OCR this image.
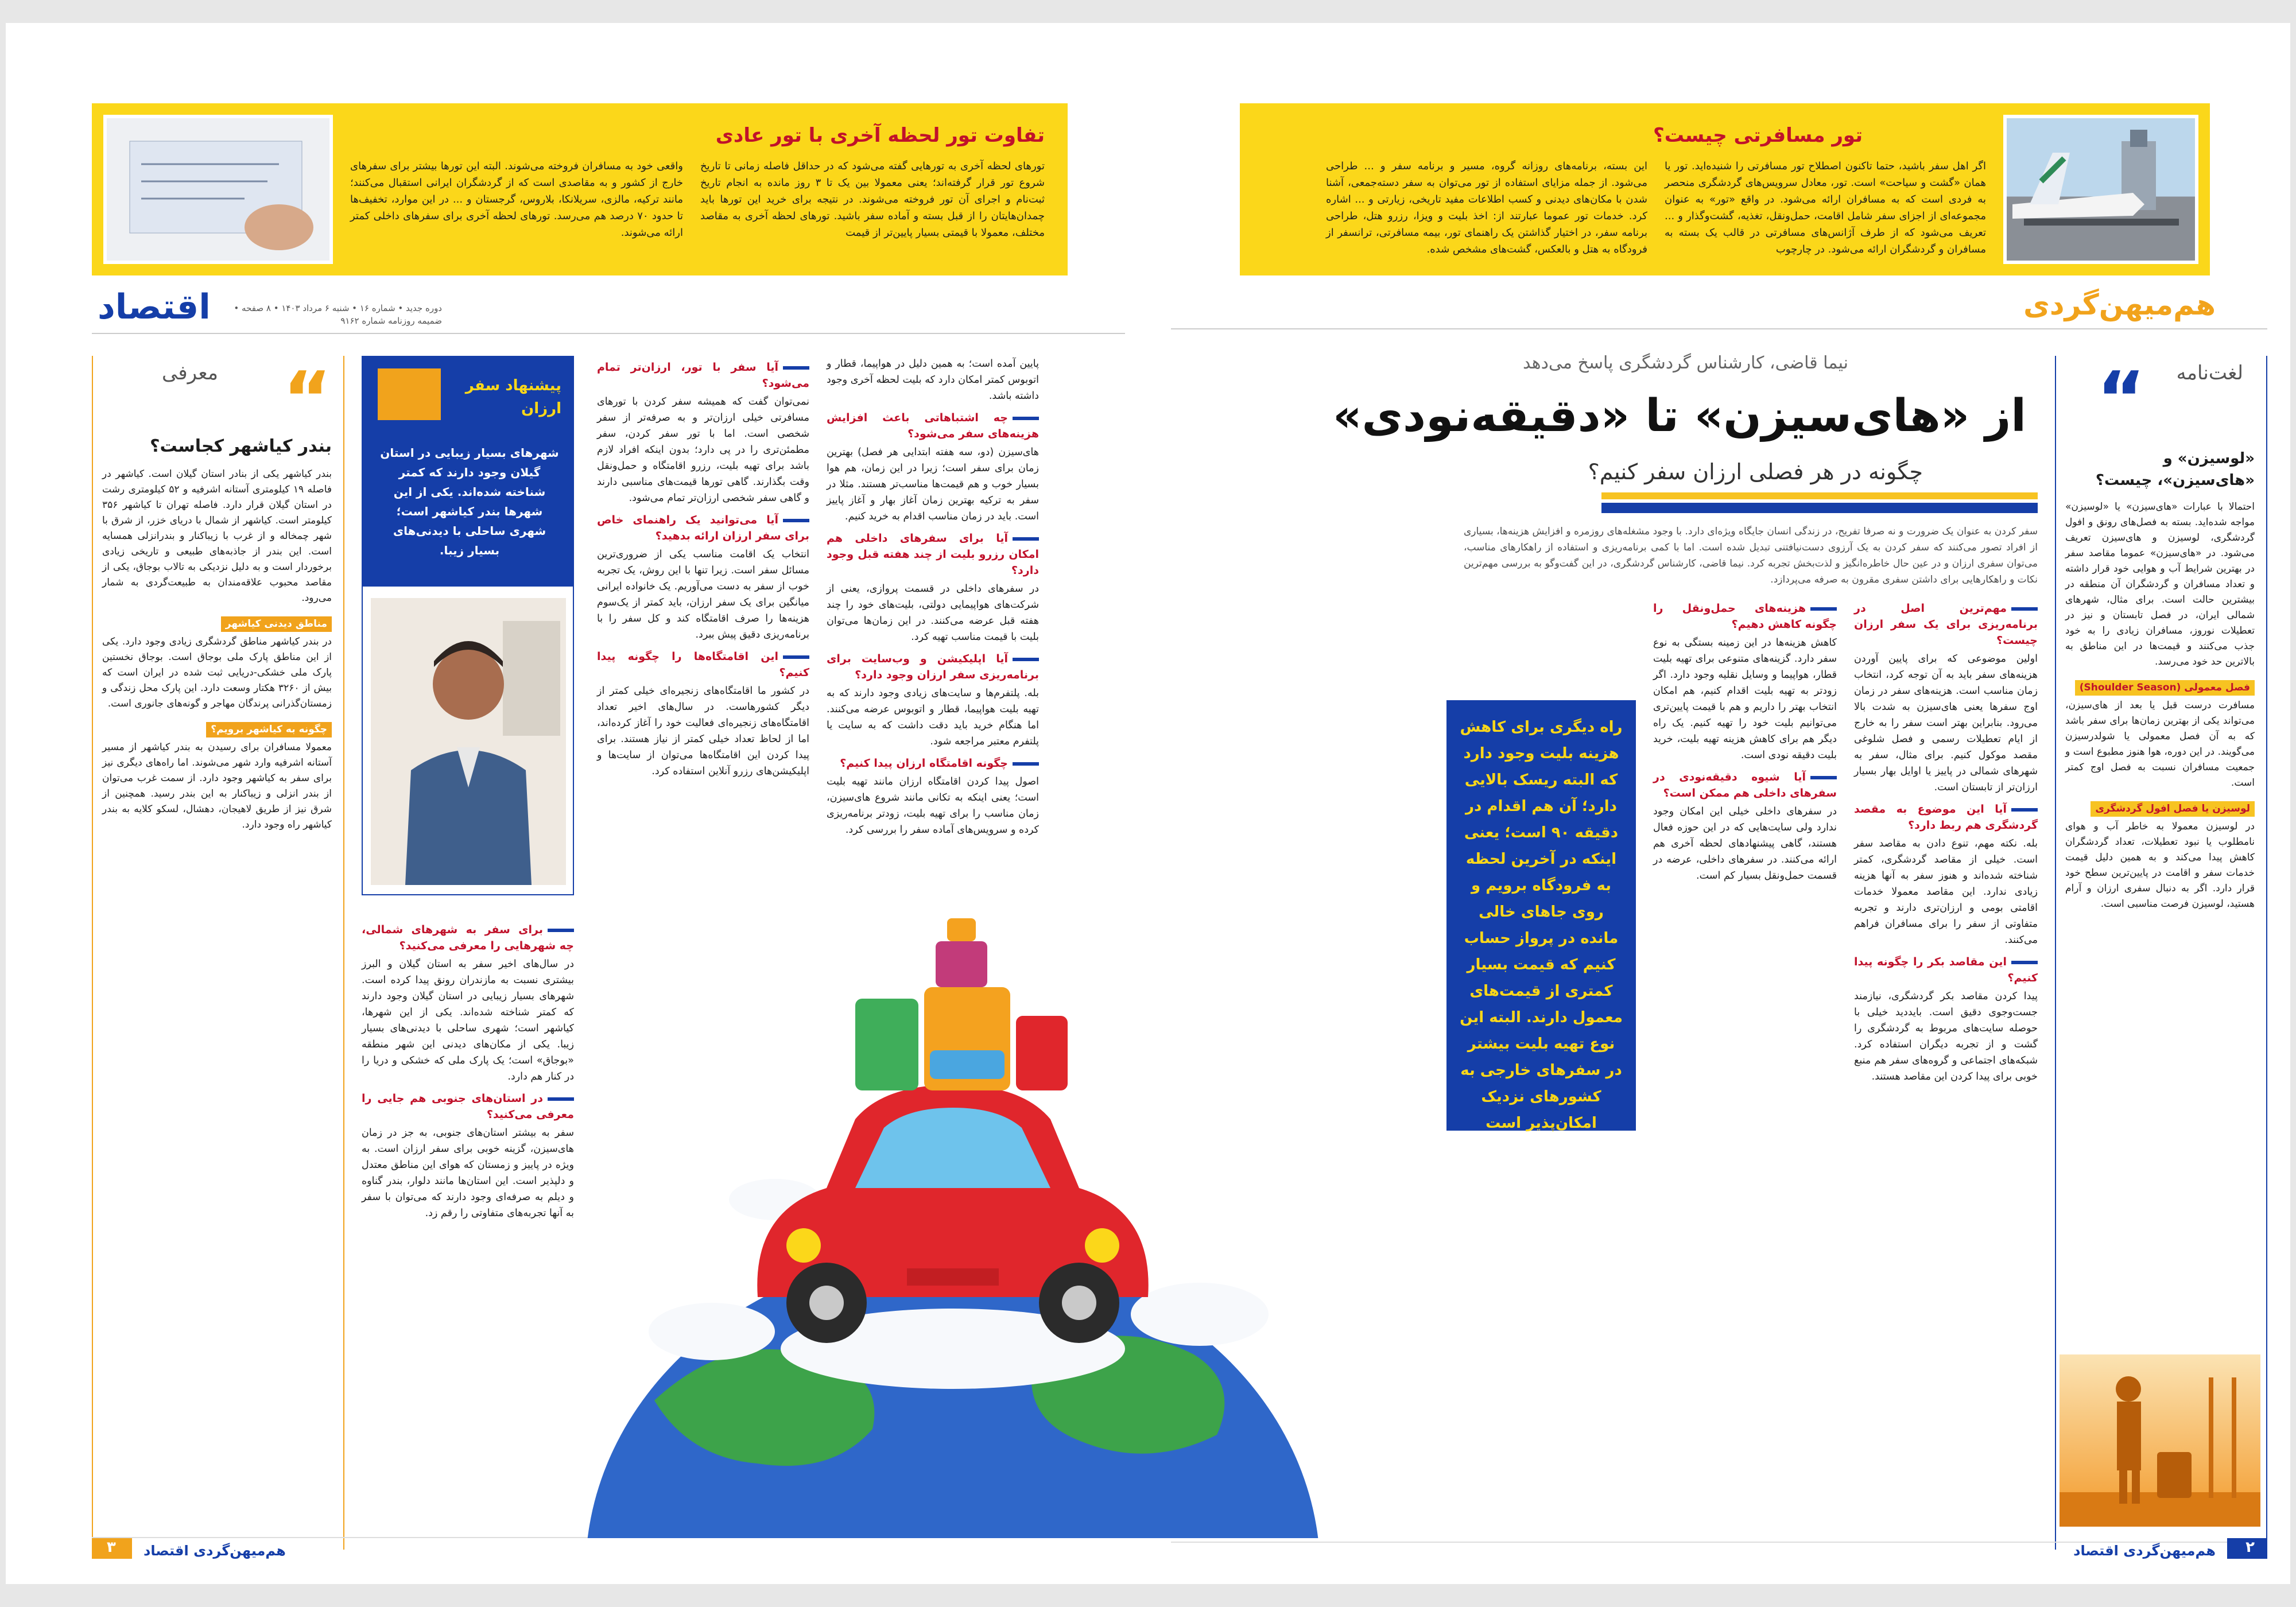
تور مسافرتی چیست؟

اگر اهل سفر باشید، حتما تاکنون اصطلاح تور مسافرتی را شنیده‌اید. تور یا همان «گشت و سیاحت» است. تور، معادل سرویس‌های گردشگری منحصر به فردی است که به مسافران ارائه می‌شود. در واقع «تور» به عنوان مجموعه‌ای از اجزای سفر شامل اقامت، حمل‌ونقل، تغذیه، گشت‌وگذار و ... تعریف می‌شود که از طرف آژانس‌های مسافرتی در قالب یک بسته به مسافران و گردشگران ارائه می‌شود. در چارچوب

این بسته، برنامه‌های روزانه گروه، مسیر و برنامه سفر و ... طراحی می‌شود. از جمله مزایای استفاده از تور می‌توان به سفر دسته‌جمعی، آشنا شدن با مکان‌های دیدنی و کسب اطلاعات مفید تاریخی، زیارتی و ... اشاره کرد. خدمات تور عموما عبارتند از: اخذ بلیت و ویزا، رزرو هتل، طراحی برنامه سفر، در اختیار گذاشتن یک راهنمای تور، بیمه مسافرتی، ترانسفر از فرودگاه به هتل و بالعکس، گشت‌های مشخص شده.

هم‌میهن‌گردی
لغت‌نامه
“
«لوسیزن» و «های‌سیزن»، چیست؟

احتمالا با عبارات «های‌سیزن» یا «لوسیزن» مواجه شده‌اید. بسته به فصل‌های رونق و افول گردشگری، لوسیزن و های‌سیزن تعریف می‌شود. در «های‌سیزن» عموما مقاصد سفر در بهترین شرایط آب و هوایی خود قرار داشته و تعداد مسافران و گردشگران آن منطقه در بیشترین حالت است. برای مثال، شهرهای شمالی ایران، در فصل تابستان و نیز در تعطیلات نوروز، مسافران زیادی را به خود جذب می‌کنند و قیمت‌ها در این مناطق به بالاترین حد خود می‌رسد.

فصل معمولی (Shoulder Season)

مسافرت درست قبل یا بعد از های‌سیزن، می‌تواند یکی از بهترین زمان‌ها برای سفر باشد که به آن فصل معمولی یا شولدرسیزن می‌گویند. در این دوره، هوا هنوز مطبوع است و جمعیت مسافران نسبت به فصل اوج کمتر است.

لوسیزن یا فصل افول گردشگری

در لوسیزن معمولا به خاطر آب و هوای نامطلوب یا نبود تعطیلات، تعداد گردشگران کاهش پیدا می‌کند و به همین دلیل قیمت خدمات سفر و اقامت در پایین‌ترین سطح خود قرار دارد. اگر به دنبال سفری ارزان و آرام هستید، لوسیزن فرصت مناسبی است.

نیما قاضی، کارشناس گردشگری پاسخ می‌دهد
از «های‌سیزن» تا «دقیقه‌نودی»
چگونه در هر فصلی ارزان سفر کنیم؟
سفر کردن به عنوان یک ضرورت و نه صرفا تفریح، در زندگی انسان جایگاه ویژه‌ای دارد. با وجود مشغله‌های روزمره و افزایش هزینه‌ها، بسیاری از افراد تصور می‌کنند که سفر کردن به یک آرزوی دست‌نیافتنی تبدیل شده است. اما با کمی برنامه‌ریزی و استفاده از راهکارهای مناسب، می‌توان سفری ارزان و در عین حال خاطره‌انگیز و لذت‌بخش تجربه کرد. نیما قاضی، کارشناس گردشگری، در این گفت‌وگو به بررسی مهم‌ترین نکات و راهکارهایی برای داشتن سفری مقرون به صرفه می‌پردازد.
مهم‌ترین اصل در برنامه‌ریزی برای یک سفر ارزان چیست؟

اولین موضوعی که برای پایین آوردن هزینه‌های سفر باید به آن توجه کرد، انتخاب زمان مناسب است. هزینه‌های سفر در زمان اوج سفرها یعنی های‌سیزن به شدت بالا می‌رود. بنابراین بهتر است سفر را به خارج از ایام تعطیلات رسمی و فصل شلوغی مقصد موکول کنیم. برای مثال، سفر به شهرهای شمالی در پاییز یا اوایل بهار بسیار ارزان‌تر از تابستان است.

آیا این موضوع به مقصد گردشگری هم ربط دارد؟

بله. نکته مهم، تنوع دادن به مقاصد سفر است. خیلی از مقاصد گردشگری، کمتر شناخته شده‌اند و هنوز سفر به آنها هزینه زیادی ندارد. این مقاصد معمولا خدمات اقامتی بومی و ارزان‌تری دارند و تجربه متفاوتی از سفر را برای مسافران فراهم می‌کنند.

این مقاصد بکر را چگونه پیدا کنیم؟

پیدا کردن مقاصد بکر گردشگری، نیازمند جست‌وجوی دقیق است. بایددید خیلی با حوصله سایت‌های مربوط به گردشگری را گشت و از تجربه دیگران استفاده کرد. شبکه‌های اجتماعی و گروه‌های سفر هم منبع خوبی برای پیدا کردن این مقاصد هستند.

هزینه‌های حمل‌ونقل را چگونه کاهش دهیم؟

کاهش هزینه‌ها در این زمینه بستگی به نوع سفر دارد. گزینه‌های متنوعی برای تهیه بلیت قطار، هواپیما و وسایل نقلیه وجود دارد. اگر زودتر به تهیه بلیت اقدام کنیم، هم امکان انتخاب بهتر را داریم و هم با قیمت پایین‌تری می‌توانیم بلیت خود را تهیه کنیم. یک راه دیگر هم برای کاهش هزینه تهیه بلیت، خرید بلیت دقیقه نودی است.

آیا شیوه دقیقه‌نودی در سفرهای داخلی هم ممکن است؟

در سفرهای داخلی خیلی این امکان وجود ندارد ولی سایت‌هایی که در این حوزه فعال هستند، گاهی پیشنهادهای لحظه آخری هم ارائه می‌کنند. در سفرهای داخلی، عرضه در قسمت حمل‌ونقل بسیار کم است.

راه دیگری برای کاهش هزینه بلیت وجود دارد که البته ریسک بالایی دارد؛ آن هم اقدام در دقیقه ۹۰ است؛ یعنی اینکه در آخرین لحظه به فرودگاه برویم و روی جاهای خالی مانده در پرواز حساب کنیم که قیمت بسیار کمتری از قیمت‌های معمول دارند. البته این نوع تهیه بلیت بیشتر در سفرهای خارجی به کشورهای نزدیک امکان‌پذیر است
هم‌میهن‌گردی اقتصاد ۲
تفاوت تور لحظه آخری با تور عادی

تورهای لحظه آخری به تورهایی گفته می‌شود که در حداقل فاصله زمانی تا تاریخ شروع تور قرار گرفته‌اند؛ یعنی معمولا بین یک تا ۳ روز مانده به انجام تاریخ ثبت‌نام و اجرای آن تور فروخته می‌شوند. در نتیجه برای خرید این تورها باید چمدان‌هایتان را از قبل بسته و آماده سفر باشید. تورهای لحظه آخری به مقاصد مختلف، معمولا با قیمتی بسیار پایین‌تر از قیمت

واقعی خود به مسافران فروخته می‌شوند. البته این تورها بیشتر برای سفرهای خارج از کشور و به مقاصدی است که از گردشگران ایرانی استقبال می‌کنند؛ مانند ترکیه، مالزی، سریلانکا، بلاروس، گرجستان و ... در این موارد، تخفیف‌ها تا حدود ۷۰ درصد هم می‌رسد. تورهای لحظه آخری برای سفرهای داخلی کمتر ارائه می‌شوند.

اقتصاد	دوره جدید • شماره ۱۶ • شنبه ۶ مرداد ۱۴۰۳ • ۸ صفحه • ضمیمه روزنامه شماره ۹۱۶۲
معرفی “
بندر کیاشهر کجاست؟

بندر کیاشهر یکی از بنادر استان گیلان است. کیاشهر در فاصله ۱۹ کیلومتری آستانه اشرفیه و ۵۲ کیلومتری رشت در استان گیلان قرار دارد. فاصله تهران تا کیاشهر ۳۵۶ کیلومتر است. کیاشهر از شمال با دریای خزر، از شرق با شهر چمخاله و از غرب با زیباکنار و بندرانزلی همسایه است. این بندر از جاذبه‌های طبیعی و تاریخی زیادی برخوردار است و به دلیل نزدیکی به تالاب بوجاق، یکی از مقاصد محبوب علاقه‌مندان به طبیعت‌گردی به شمار می‌رود.

مناطق دیدنی کیاشهر

در بندر کیاشهر مناطق گردشگری زیادی وجود دارد. یکی از این مناطق پارک ملی بوجاق است. بوجاق نخستین پارک ملی خشکی-دریایی ثبت شده در ایران است که بیش از ۳۲۶۰ هکتار وسعت دارد. این پارک محل زندگی و زمستان‌گذرانی پرندگان مهاجر و گونه‌های جانوری است.

چگونه به کیاشهر برویم؟

معمولا مسافران برای رسیدن به بندر کیاشهر از مسیر آستانه اشرفیه وارد شهر می‌شوند. اما راه‌های دیگری نیز برای سفر به کیاشهر وجود دارد. از سمت غرب می‌توان از بندر انزلی و زیباکنار به این بندر رسید. همچنین از شرق نیز از طریق لاهیجان، دهشال، لسکو کلایه به بندر کیاشهر راه وجود دارد.

پیشنهاد سفر ارزان
شهرهای بسیار زیبایی در استان گیلان وجود دارند که کمتر شناخته شده‌اند. یکی از این شهرها بندر کیاشهر است؛ شهری ساحلی با دیدنی‌های بسیار زیبا.
برای سفر به شهرهای شمالی، چه شهرهایی را معرفی می‌کنید؟

در سال‌های اخیر سفر به استان گیلان و البرز بیشتری نسبت به مازندران رونق پیدا کرده است. شهرهای بسیار زیبایی در استان گیلان وجود دارند که کمتر شناخته شده‌اند. یکی از این شهرها، کیاشهر است؛ شهری ساحلی با دیدنی‌های بسیار زیبا. یکی از مکان‌های دیدنی این شهر منطقه «بوجاق» است؛ یک پارک ملی که خشکی و دریا را در کنار هم دارد.

در استان‌های جنوبی هم جایی را معرفی می‌کنید؟

سفر به بیشتر استان‌های جنوبی، به جز در زمان های‌سیزن، گزینه خوبی برای سفر ارزان است. به ویژه در پاییز و زمستان که هوای این مناطق معتدل و دلپذیر است. این استان‌ها مانند دلوار، بندر گناوه و دیلم به صرفه‌ای وجود دارند که می‌توان با سفر به آنها تجربه‌های متفاوتی را رقم زد.

آیا سفر با تور، ارزان‌تر تمام می‌شود؟

نمی‌توان گفت که همیشه سفر کردن با تورهای مسافرتی خیلی ارزان‌تر و به صرفه‌تر از سفر شخصی است. اما با تور سفر کردن، سفر مطمئن‌تری را در پی دارد؛ بدون اینکه افراد لازم باشد برای تهیه بلیت، رزرو اقامتگاه و حمل‌ونقل وقت بگذارند. گاهی تورها قیمت‌های مناسبی دارند و گاهی سفر شخصی ارزان‌تر تمام می‌شود.

آیا می‌توانید یک راهنمای خاص برای سفر ارزان ارائه بدهید؟

انتخاب یک اقامت مناسب یکی از ضروری‌ترین مسائل سفر است. زیرا تنها با این روش، یک تجربه خوب از سفر به دست می‌آوریم. یک خانواده ایرانی میانگین برای یک سفر ارزان، باید کمتر از یک‌سوم هزینه‌ها را صرف اقامتگاه کند و کل سفر را با برنامه‌ریزی دقیق پیش ببرد.

این اقامتگاه‌ها را چگونه پیدا کنیم؟

در کشور ما اقامتگاه‌های زنجیره‌ای خیلی کمتر از دیگر کشورهاست. در سال‌های اخیر تعداد اقامتگاه‌های زنجیره‌ای فعالیت خود را آغاز کرده‌اند، اما از لحاظ تعداد خیلی کمتر از نیاز هستند. برای پیدا کردن این اقامتگاه‌ها می‌توان از سایت‌ها و اپلیکیشن‌های رزرو آنلاین استفاده کرد.

پایین آمده است؛ به همین دلیل در هواپیما، قطار و اتوبوس کمتر امکان دارد که بلیت لحظه آخری وجود داشته باشد.

چه اشتباهاتی باعث افزایش هزینه‌های سفر می‌شود؟

های‌سیزن (دو، سه هفته ابتدایی هر فصل) بهترین زمان برای سفر است؛ زیرا در این زمان، هم هوا بسیار خوب و هم قیمت‌ها مناسب‌تر هستند. مثلا در سفر به ترکیه بهترین زمان آغاز بهار و آغاز پاییز است. باید در زمان مناسب اقدام به خرید کنیم.

آیا برای سفرهای داخلی هم امکان رزرو بلیت از چند هفته قبل وجود دارد؟

در سفرهای داخلی در قسمت پروازی، یعنی از شرکت‌های هواپیمایی دولتی، بلیت‌های خود را چند هفته قبل عرضه می‌کنند. در این زمان‌ها می‌توان بلیت با قیمت مناسب تهیه کرد.

آیا اپلیکیشن و وب‌سایت برای برنامه‌ریزی سفر ارزان وجود دارد؟

بله. پلتفرم‌ها و سایت‌های زیادی وجود دارند که به تهیه بلیت هواپیما، قطار و اتوبوس عرضه می‌کنند. اما هنگام خرید باید دقت داشت که به سایت یا پلتفرم معتبر مراجعه شود.

چگونه اقامتگاه ارزان پیدا کنیم؟

اصول پیدا کردن اقامتگاه ارزان مانند تهیه بلیت است؛ یعنی اینکه به تکانی مانند شروع های‌سیزن، زمان مناسب را برای تهیه بلیت، زودتر برنامه‌ریزی کرده و سرویس‌های آماده سفر را بررسی کرد.

هم‌میهن‌گردی اقتصاد
۳
